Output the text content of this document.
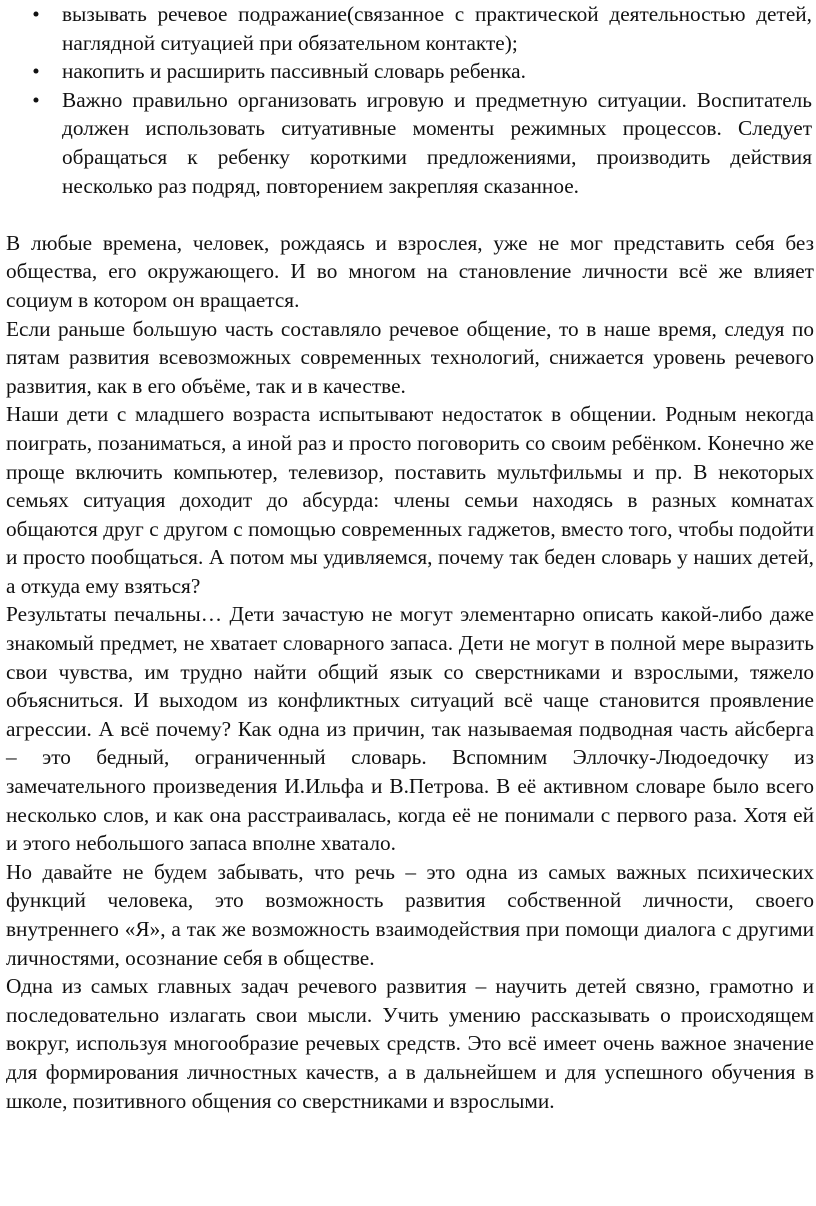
• вызывать речевое подражание(связанное с практической деятельностью детей, наглядной ситуацией при обязательном контакте);
• накопить и расширить пассивный словарь ребенка.
• Важно правильно организовать игровую и предметную ситуации. Воспитатель должен использовать ситуативные моменты режимных процессов. Следует обращаться к ребенку короткими предложениями, производить действия несколько раз подряд, повторением закрепляя сказанное.

В любые времена, человек, рождаясь и взрослея, уже не мог представить себя без общества, его окружающего. И во многом на становление личности всё же влияет социум в котором он вращается.

Если раньше большую часть составляло речевое общение, то в наше время, следуя по пятам развития всевозможных современных технологий, снижается уровень речевого развития, как в его объёме, так и в качестве.

Наши дети с младшего возраста испытывают недостаток в общении. Родным некогда поиграть, позаниматься, а иной раз и просто поговорить со своим ребёнком. Конечно же проще включить компьютер, телевизор, поставить мультфильмы и пр. В некоторых семьях ситуация доходит до абсурда: члены семьи находясь в разных комнатах общаются друг с другом с помощью современных гаджетов, вместо того, чтобы подойти и просто пообщаться. А потом мы удивляемся, почему так беден словарь у наших детей, а откуда ему взяться?

Результаты печальны… Дети зачастую не могут элементарно описать какой-либо даже знакомый предмет, не хватает словарного запаса. Дети не могут в полной мере выразить свои чувства, им трудно найти общий язык со сверстниками и взрослыми, тяжело объясниться. И выходом из конфликтных ситуаций всё чаще становится проявление агрессии. А всё почему? Как одна из причин, так называемая подводная часть айсберга – это бедный, ограниченный словарь. Вспомним Эллочку-Людоедочку из замечательного произведения И.Ильфа и В.Петрова. В её активном словаре было всего несколько слов, и как она расстраивалась, когда её не понимали с первого раза. Хотя ей и этого небольшого запаса вполне хватало.

Но давайте не будем забывать, что речь – это одна из самых важных психических функций человека, это возможность развития собственной личности, своего внутреннего «Я», а так же возможность взаимодействия при помощи диалога с другими личностями, осознание себя в обществе.

Одна из самых главных задач речевого развития – научить детей связно, грамотно и последовательно излагать свои мысли. Учить умению рассказывать о происходящем вокруг, используя многообразие речевых средств. Это всё имеет очень важное значение для формирования личностных качеств, а в дальнейшем и для успешного обучения в школе, позитивного общения со сверстниками и взрослыми.
